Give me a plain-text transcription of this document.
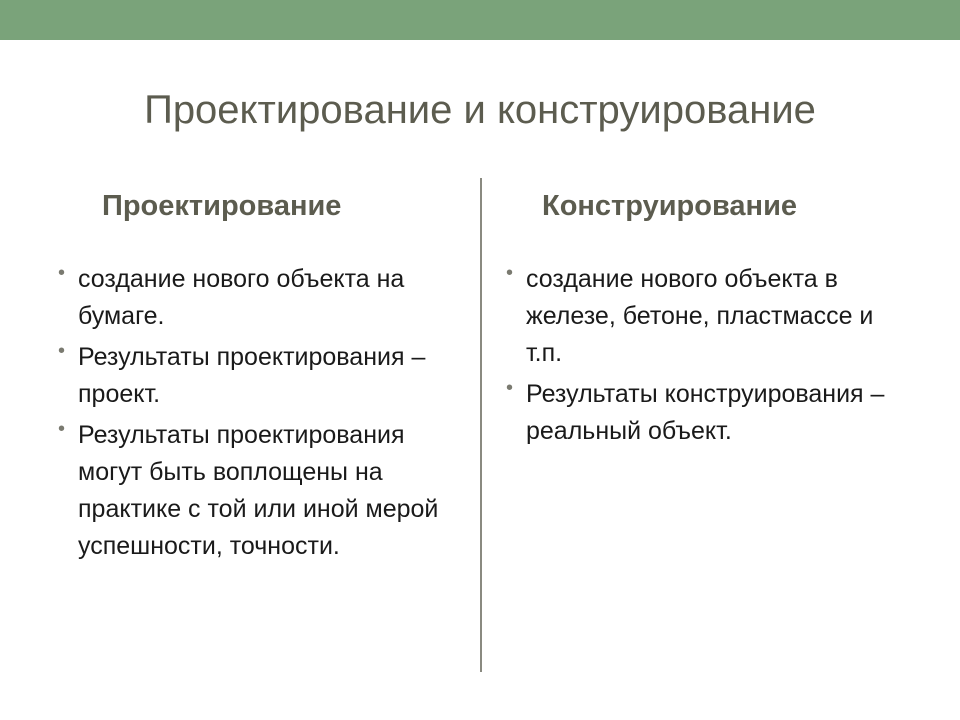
Проектирование и конструирование
Проектирование
• создание нового объекта на бумаге.
• Результаты проектирования – проект.
• Результаты проектирования могут быть воплощены на практике с той или иной мерой успешности, точности.
Конструирование
• создание нового объекта в железе, бетоне, пластмассе и т.п.
• Результаты конструирования – реальный объект.
